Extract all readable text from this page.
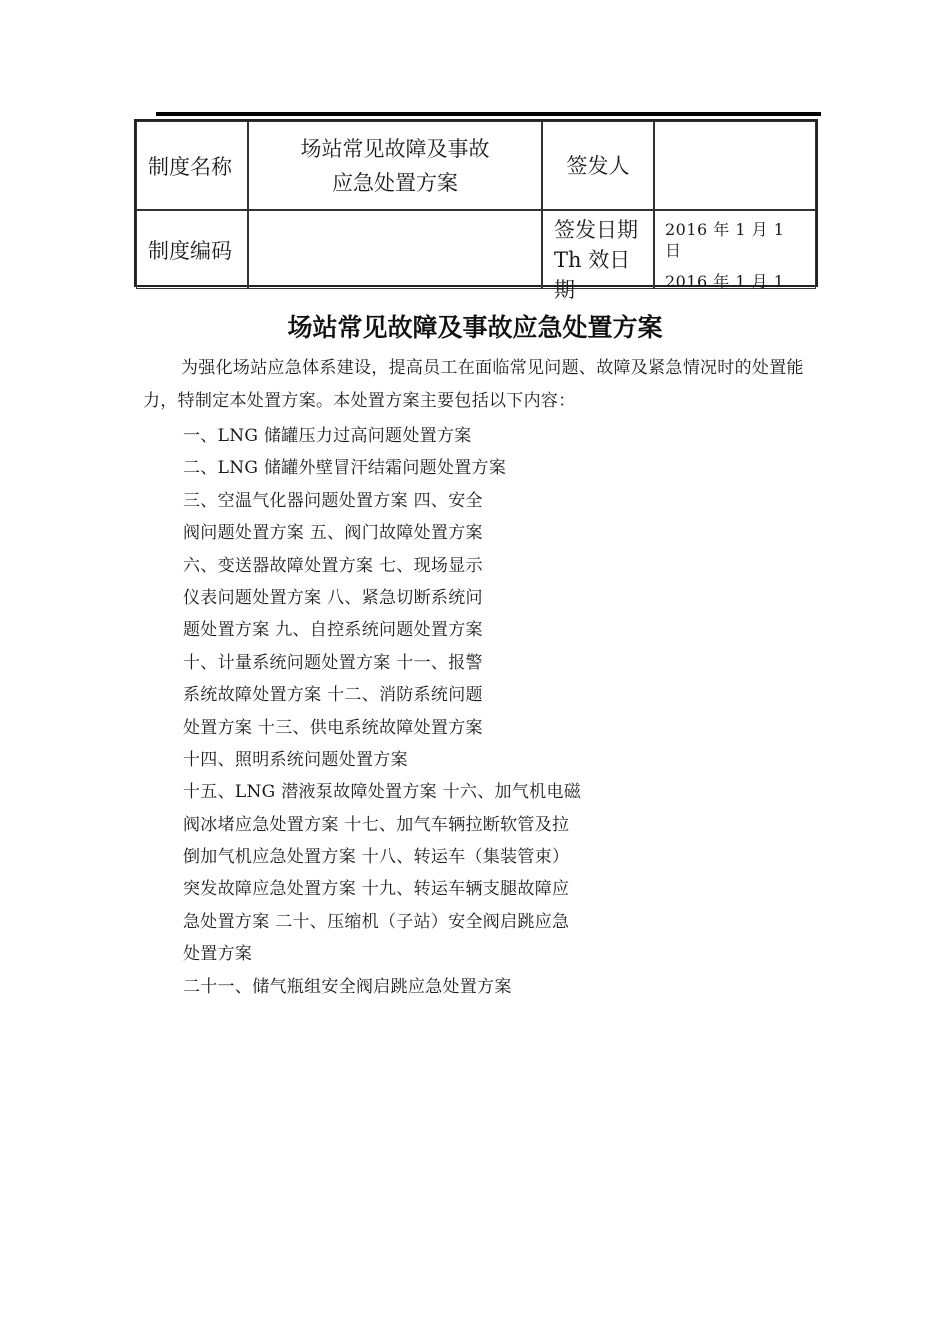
制度名称
场站常见故障及事故
应急处置方案
签发人
制度编码
签发日期
Th 效日
期
2016 年 1 月 1
日
2016 年 1 月 1
场站常见故障及事故应急处置方案

为强化场站应急体系建设，提高员工在面临常见问题、故障及紧急情况时的处置能力，特制定本处置方案。本处置方案主要包括以下内容：

一、LNG 储罐压力过高问题处置方案
二、LNG 储罐外壁冒汗结霜问题处置方案
三、空温气化器问题处置方案 四、安全
阀问题处置方案 五、阀门故障处置方案
六、变送器故障处置方案 七、现场显示
仪表问题处置方案 八、紧急切断系统问
题处置方案 九、自控系统问题处置方案
十、计量系统问题处置方案 十一、报警
系统故障处置方案 十二、消防系统问题
处置方案 十三、供电系统故障处置方案
十四、照明系统问题处置方案
十五、LNG 潜液泵故障处置方案 十六、加气机电磁
阀冰堵应急处置方案 十七、加气车辆拉断软管及拉
倒加气机应急处置方案 十八、转运车（集装管束）
突发故障应急处置方案 十九、转运车辆支腿故障应
急处置方案 二十、压缩机（子站）安全阀启跳应急
处置方案
二十一、储气瓶组安全阀启跳应急处置方案
